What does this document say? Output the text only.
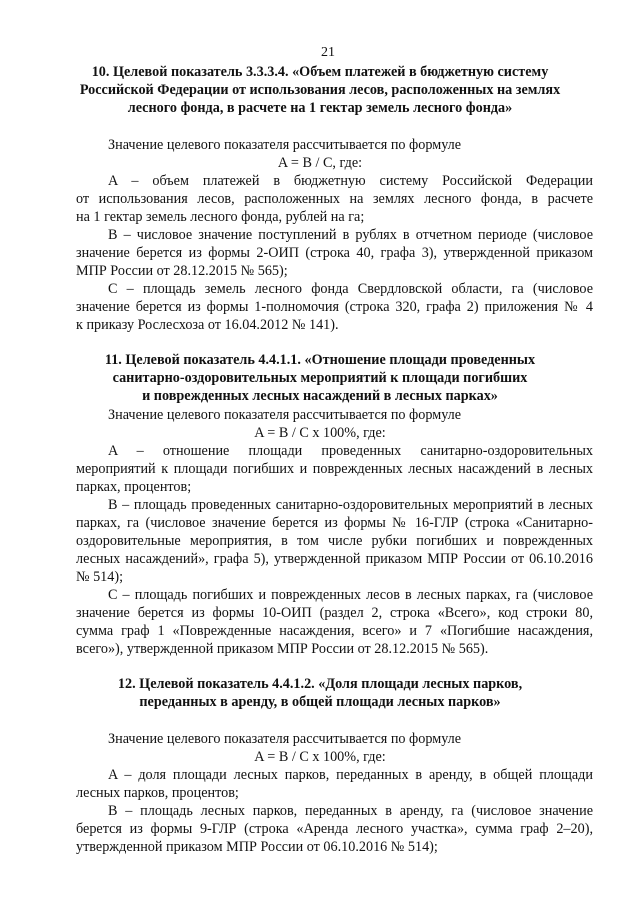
21
10. Целевой показатель 3.3.3.4. «Объем платежей в бюджетную систему
Российской Федерации от использования лесов, расположенных на землях
лесного фонда, в расчете на 1 гектар земель лесного фонда»
Значение целевого показателя рассчитывается по формуле
A = B / C, где:
A – объем платежей в бюджетную систему Российской Федерации
от использования лесов, расположенных на землях лесного фонда, в расчете
на 1 гектар земель лесного фонда, рублей на га;
B – числовое значение поступлений в рублях в отчетном периоде (числовое
значение берется из формы 2-ОИП (строка 40, графа 3), утвержденной приказом
МПР России от 28.12.2015 № 565);
C – площадь земель лесного фонда Свердловской области, га (числовое
значение берется из формы 1-полномочия (строка 320, графа 2) приложения № 4
к приказу Рослесхоза от 16.04.2012 № 141).
11. Целевой показатель 4.4.1.1. «Отношение площади проведенных
санитарно-оздоровительных мероприятий к площади погибших
и поврежденных лесных насаждений в лесных парках»
Значение целевого показателя рассчитывается по формуле
A = B / C x 100%, где:
A – отношение площади проведенных санитарно-оздоровительных
мероприятий к площади погибших и поврежденных лесных насаждений в лесных
парках, процентов;
B – площадь проведенных санитарно-оздоровительных мероприятий в лесных
парках, га (числовое значение берется из формы № 16-ГЛР (строка «Санитарно-
оздоровительные мероприятия, в том числе рубки погибших и поврежденных
лесных насаждений», графа 5), утвержденной приказом МПР России от 06.10.2016
№ 514);
C – площадь погибших и поврежденных лесов в лесных парках, га (числовое
значение берется из формы 10-ОИП (раздел 2, строка «Всего», код строки 80,
сумма граф 1 «Поврежденные насаждения, всего» и 7 «Погибшие насаждения,
всего»), утвержденной приказом МПР России от 28.12.2015 № 565).
12. Целевой показатель 4.4.1.2. «Доля площади лесных парков,
переданных в аренду, в общей площади лесных парков»
Значение целевого показателя рассчитывается по формуле
A = B / C x 100%, где:
A – доля площади лесных парков, переданных в аренду, в общей площади
лесных парков, процентов;
B – площадь лесных парков, переданных в аренду, га (числовое значение
берется из формы 9-ГЛР (строка «Аренда лесного участка», сумма граф 2–20),
утвержденной приказом МПР России от 06.10.2016 № 514);
